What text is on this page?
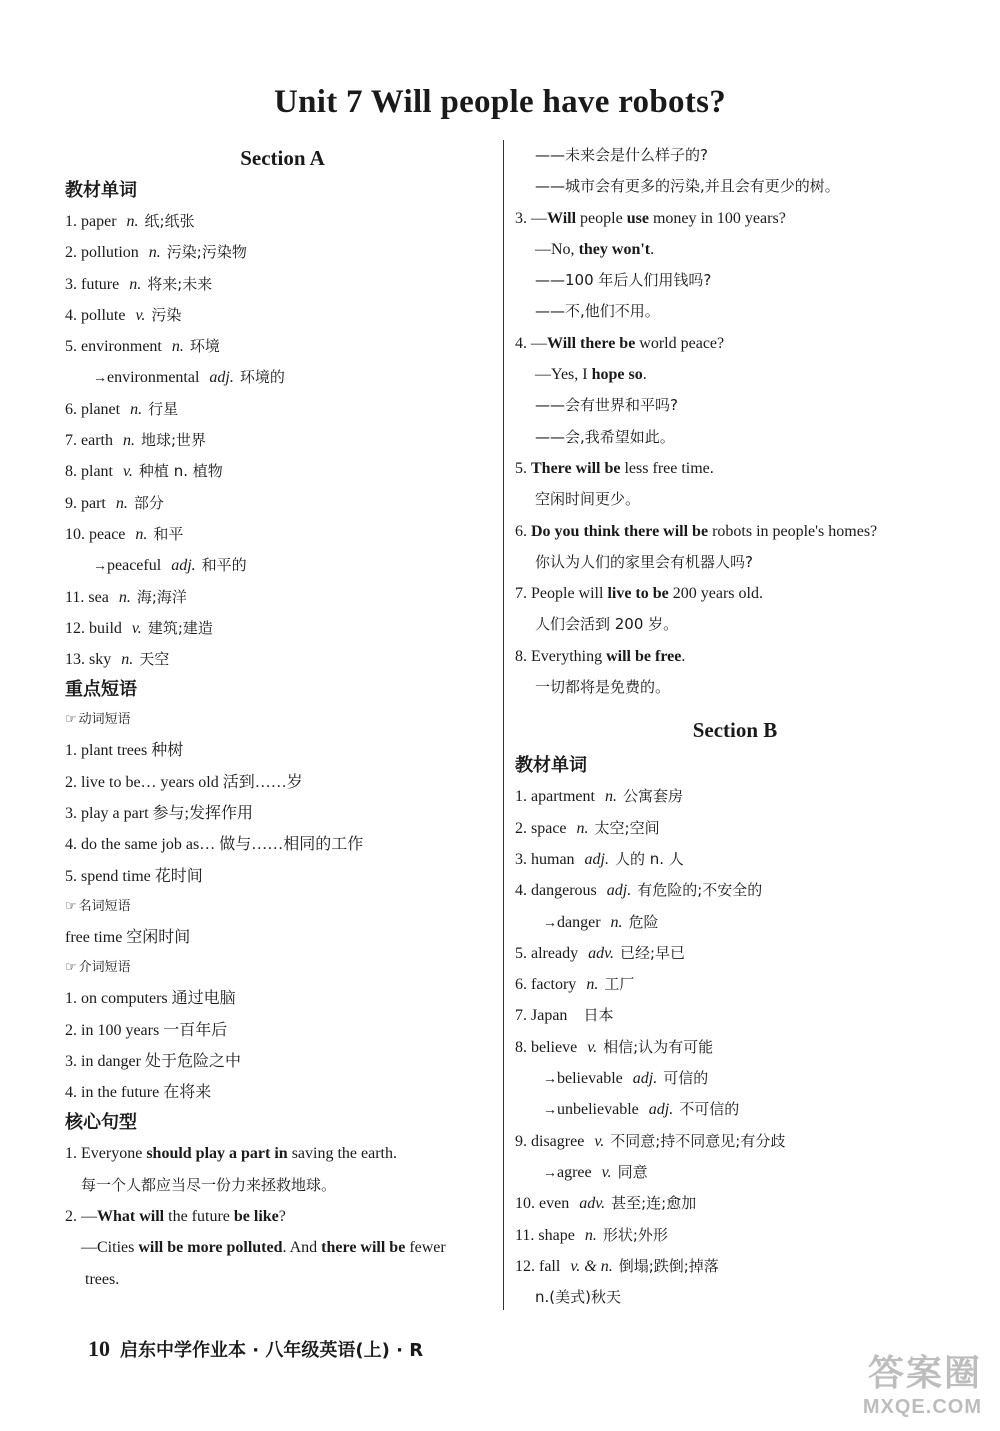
Unit 7 Will people have robots?
Section A
教材单词
1. paper n. 纸;纸张
2. pollution n. 污染;污染物
3. future n. 将来;未来
4. pollute v. 污染
5. environment n. 环境
→environmental adj. 环境的
6. planet n. 行星
7. earth n. 地球;世界
8. plant v. 种植 n. 植物
9. part n. 部分
10. peace n. 和平
→peaceful adj. 和平的
11. sea n. 海;海洋
12. build v. 建筑;建造
13. sky n. 天空
重点短语
☞ 动词短语
1. plant trees 种树
2. live to be… years old 活到……岁
3. play a part 参与;发挥作用
4. do the same job as… 做与……相同的工作
5. spend time 花时间
☞ 名词短语
free time 空闲时间
☞ 介词短语
1. on computers 通过电脑
2. in 100 years 一百年后
3. in danger 处于危险之中
4. in the future 在将来
核心句型
1. Everyone should play a part in saving the earth.
每一个人都应当尽一份力来拯救地球。
2. —What will the future be like?
—Cities will be more polluted. And there will be fewer
trees.
——未来会是什么样子的?
——城市会有更多的污染,并且会有更少的树。
3. —Will people use money in 100 years?
—No, they won't.
——100 年后人们用钱吗?
——不,他们不用。
4. —Will there be world peace?
—Yes, I hope so.
——会有世界和平吗?
——会,我希望如此。
5. There will be less free time.
空闲时间更少。
6. Do you think there will be robots in people's homes?
你认为人们的家里会有机器人吗?
7. People will live to be 200 years old.
人们会活到 200 岁。
8. Everything will be free.
一切都将是免费的。
Section B
教材单词
1. apartment n. 公寓套房
2. space n. 太空;空间
3. human adj. 人的 n. 人
4. dangerous adj. 有危险的;不安全的
→danger n. 危险
5. already adv. 已经;早已
6. factory n. 工厂
7. Japan 日本
8. believe v. 相信;认为有可能
→believable adj. 可信的
→unbelievable adj. 不可信的
9. disagree v. 不同意;持不同意见;有分歧
→agree v. 同意
10. even adv. 甚至;连;愈加
11. shape n. 形状;外形
12. fall v. & n. 倒塌;跌倒;掉落
n.(美式)秋天
10 启东中学作业本 · 八年级英语(上) · R
答案圈
MXQE.COM
